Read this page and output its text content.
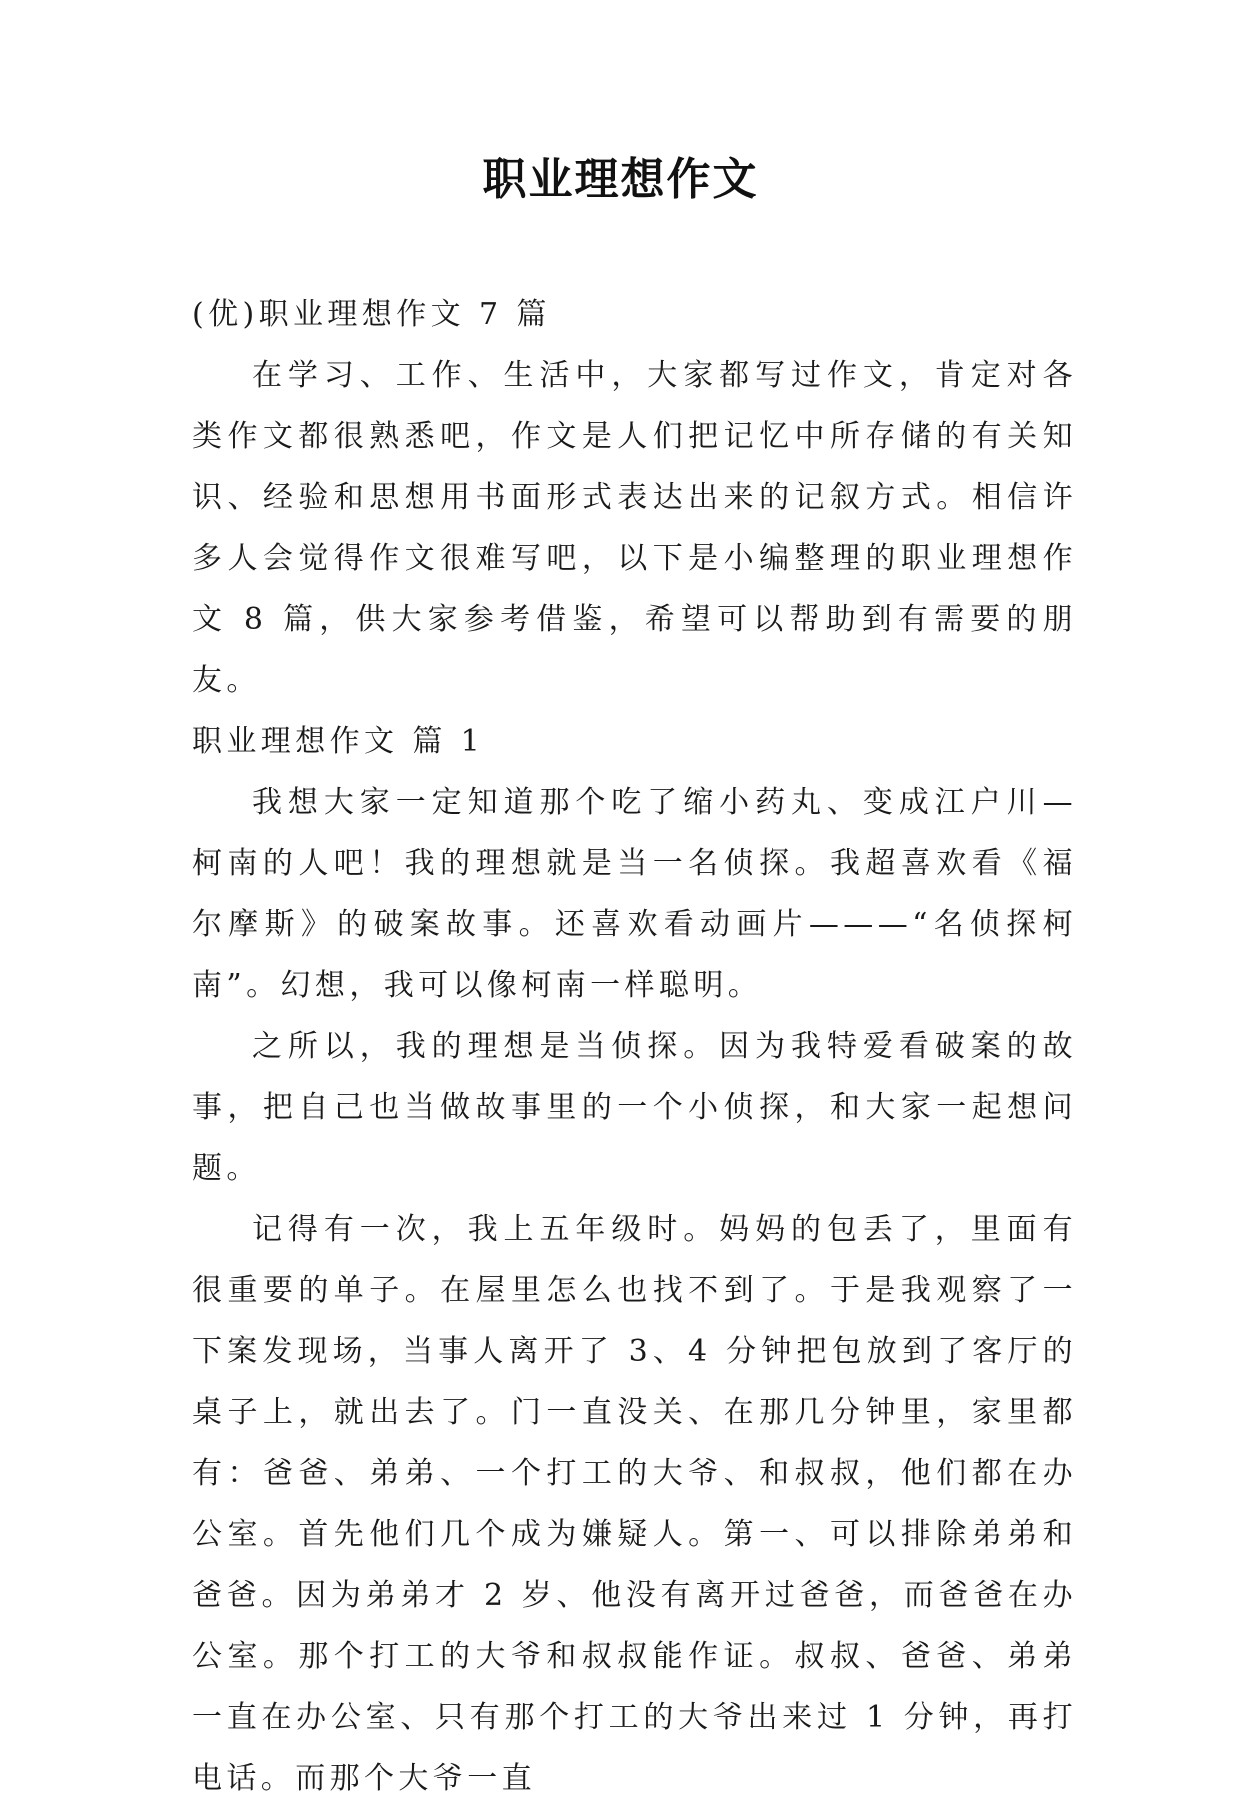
职业理想作文

(优)职业理想作文 7 篇

在学习、工作、生活中，大家都写过作文，肯定对各类作文都很熟悉吧，作文是人们把记忆中所存储的有关知识、经验和思想用书面形式表达出来的记叙方式。相信许多人会觉得作文很难写吧，以下是小编整理的职业理想作文 8 篇，供大家参考借鉴，希望可以帮助到有需要的朋友。

职业理想作文 篇 1

我想大家一定知道那个吃了缩小药丸、变成江户川—柯南的人吧！我的理想就是当一名侦探。我超喜欢看《福尔摩斯》的破案故事。还喜欢看动画片———“名侦探柯南”。幻想，我可以像柯南一样聪明。

之所以，我的理想是当侦探。因为我特爱看破案的故事，把自己也当做故事里的一个小侦探，和大家一起想问题。

记得有一次，我上五年级时。妈妈的包丢了，里面有很重要的单子。在屋里怎么也找不到了。于是我观察了一下案发现场，当事人离开了 3、4 分钟把包放到了客厅的桌子上，就出去了。门一直没关、在那几分钟里，家里都有：爸爸、弟弟、一个打工的大爷、和叔叔，他们都在办公室。首先他们几个成为嫌疑人。第一、可以排除弟弟和爸爸。因为弟弟才 2 岁、他没有离开过爸爸，而爸爸在办公室。那个打工的大爷和叔叔能作证。叔叔、爸爸、弟弟一直在办公室、只有那个打工的大爷出来过 1 分钟，再打电话。而那个大爷一直
